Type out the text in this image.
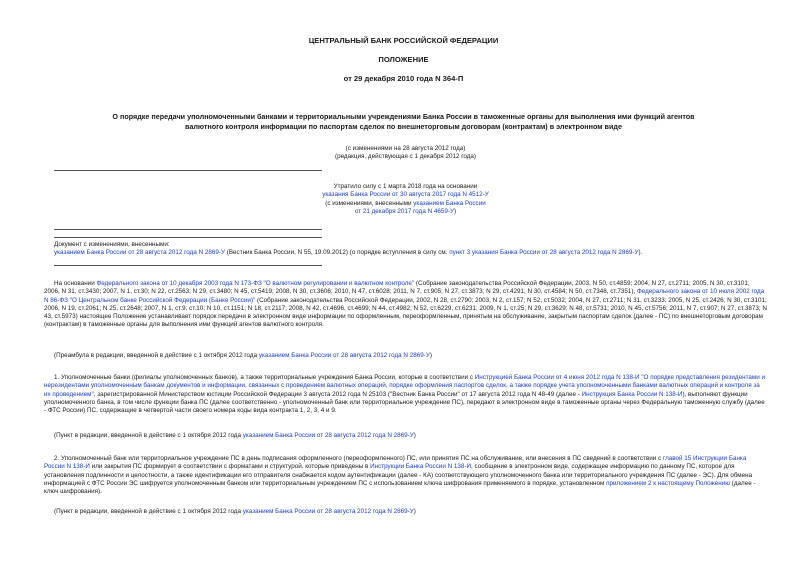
ЦЕНТРАЛЬНЫЙ БАНК РОССИЙСКОЙ ФЕДЕРАЦИИ
ПОЛОЖЕНИЕ
от 29 декабря 2010 года N 364-П
О порядке передачи уполномоченными банками и территориальными учреждениями Банка России в таможенные органы для выполнения ими функций агентов
валютного контроля информации по паспортам сделок по внешнеторговым договорам (контрактам) в электронном виде
(с изменениями на 28 августа 2012 года)
(редакция, действующая с 1 декабря 2012 года)
Утратило силу с 1 марта 2018 года на основании
указания Банка России от 30 августа 2017 года N 4512-У
(с изменениями, внесенными указанием Банка России
от 21 декабря 2017 года N 4659-У)
Документ с изменениями, внесенными:
указанием Банка России от 28 августа 2012 года N 2869-У (Вестник Банка России, N 55, 19.09.2012) (о порядке вступления в силу см. пункт 3 указания Банка России от 28 августа 2012 года N 2869-У).
На основании Федерального закона от 10 декабря 2003 года N 173-ФЗ "О валютном регулировании и валютном контроле" (Собрание законодательства Российской Федерации, 2003, N 50, ст.4859; 2004, N 27, ст.2711; 2005, N 30, ст.3101; 2006, N 31, ст.3430; 2007, N 1, ст.30; N 22, ст.2563; N 29, ст.3480; N 45, ст.5419; 2008, N 30, ст.3606; 2010, N 47, ст.6028; 2011, N 7, ст.905; N 27, ст.3873; N 29, ст.4291; N 30, ст.4584; N 50, ст.7348, ст.7351), Федерального закона от 10 июля 2002 года N 86-ФЗ "О Центральном банке Российской Федерации (Банке России)" (Собрание законодательства Российской Федерации, 2002, N 28, ст.2790; 2003, N 2, ст.157; N 52, ст.5032; 2004, N 27, ст.2711; N 31, ст.3233; 2005, N 25, ст.2426; N 30, ст.3101; 2006, N 19, ст.2061; N 25, ст.2648; 2007, N 1, ст.9, ст.10; N 10, ст.1151; N 18, ст.2117; 2008, N 42, ст.4696, ст.4699; N 44, ст.4982; N 52, ст.6229, ст.6231; 2009, N 1, ст.25; N 29, ст.3629; N 48, ст.5731; 2010, N 45, ст.5756; 2011, N 7, ст.907; N 27, ст.3873; N 43, ст.5973) настоящее Положение устанавливает порядок передачи в электронном виде информации по оформленным, переоформленным, принятым на обслуживание, закрытым паспортам сделок (далее - ПС) по внешнеторговым договорам (контрактам) в таможенные органы для выполнения ими функций агентов валютного контроля.
(Преамбула в редакции, введенной в действие с 1 октября 2012 года указанием Банка России от 28 августа 2012 года N 2869-У)
1. Уполномоченные банки (филиалы уполномоченных банков), а также территориальные учреждения Банка России, которые в соответствии с Инструкцией Банка России от 4 июня 2012 года N 138-И "О порядке представления резидентами и нерезидентами уполномоченным банкам документов и информации, связанных с проведением валютных операций, порядке оформления паспортов сделок, а также порядке учета уполномоченными банками валютных операций и контроля за их проведением", зарегистрированной Министерством юстиции Российской Федерации 3 августа 2012 года N 25103 ("Вестник Банка России" от 17 августа 2012 года N 48-49 (далее - Инструкция Банка России N 138-И), выполняют функции уполномоченного банка, в том числе функции банка ПС (далее соответственно - уполномоченный банк или территориальное учреждение ПС), передают в электронном виде в таможенные органы через Федеральную таможенную службу (далее - ФТС России) ПС, содержащие в четвертой части своего номера коды вида контракта 1, 2, 3, 4 и 9.
(Пункт в редакции, введенной в действие с 1 октября 2012 года указанием Банка России от 28 августа 2012 года N 2869-У)
2. Уполномоченный банк или территориальное учреждение ПС в день подписания оформленного (переоформленного) ПС, или принятия ПС на обслуживание, или внесения в ПС сведений в соответствии с главой 15 Инструкции Банка России N 138-И или закрытия ПС формирует в соответствии с форматами и структурой, которые приведены в Инструкции Банка России N 138-И, сообщение в электронном виде, содержащее информацию по данному ПС, которое для установления подлинности и целостности, а также идентификации его отправителя снабжается кодом аутентификации (далее - КА) соответствующего уполномоченного банка или территориального учреждения ПС (далее - ЭС). Для обмена информацией с ФТС России ЭС шифруется уполномоченным банком или территориальным учреждением ПС с использованием ключа шифрования применяемого в порядке, установленном приложением 2 к настоящему Положению (далее - ключ шифрования).
(Пункт в редакции, введенной в действие с 1 октября 2012 года указанием Банка России от 28 августа 2012 года N 2869-У)
